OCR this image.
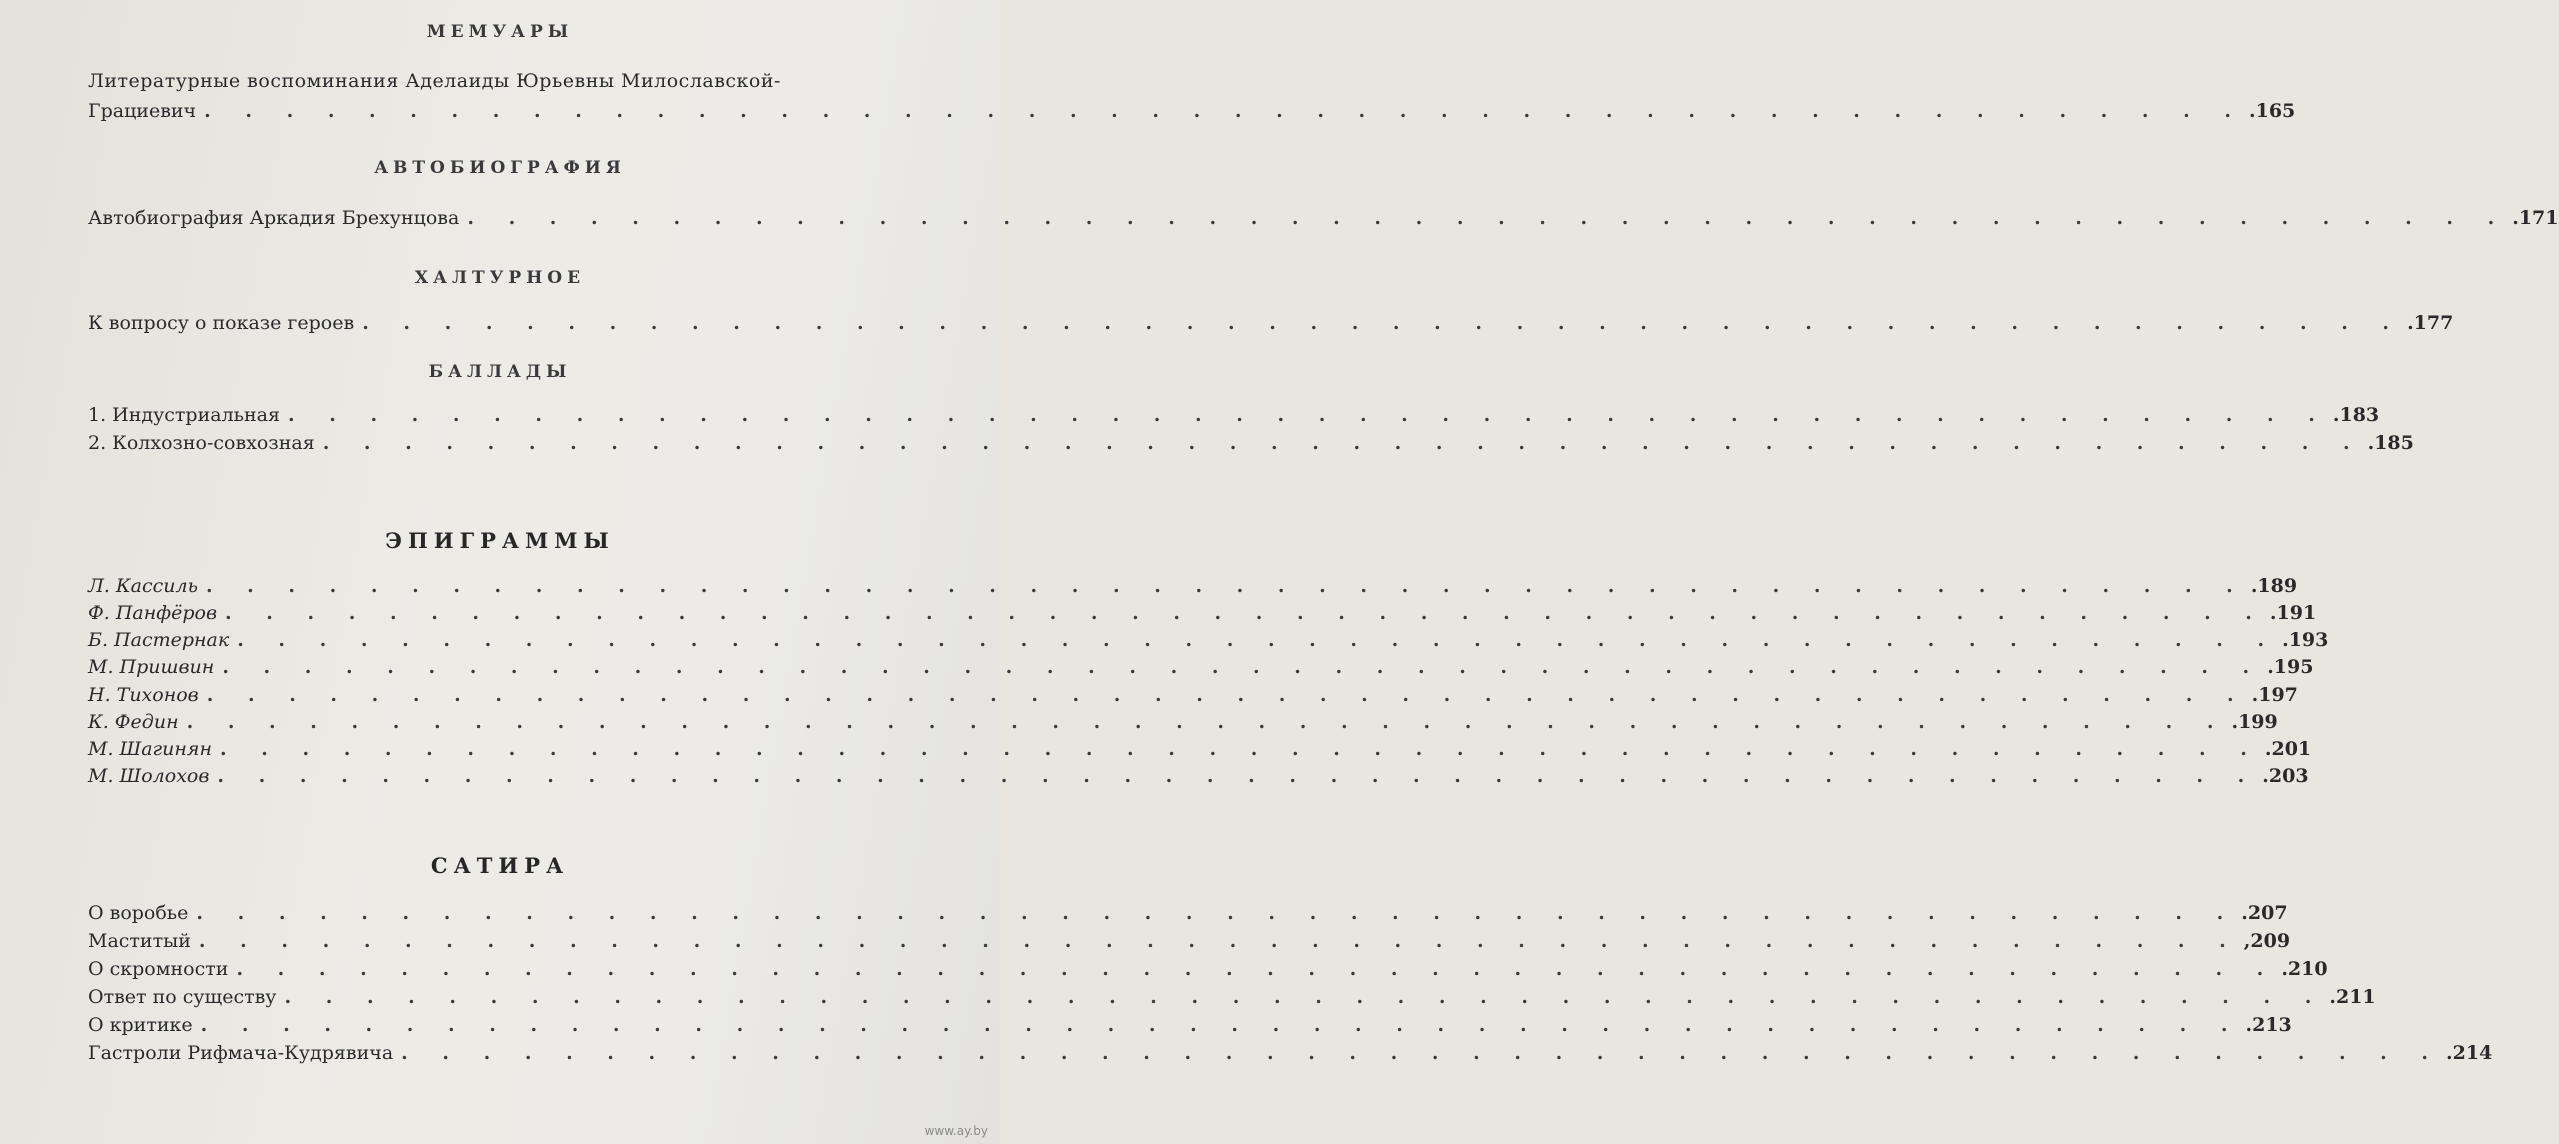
МЕМУАРЫ
Литературные воспоминания Аделаиды Юрьевны Милославской-
Грациевич . . . . . . . . . . . . . . . . . . . . . . . . . . . . . . . . . . . . . . . . . . . . . . . . . . .165
АВТОБИОГРАФИЯ
Автобиография Аркадия Брехунцова . . . . . . . . . . . . . . . . . . . . . . . . . . . . . . . . . . . . . . . . . . . . . . . . . . .171
ХАЛТУРНОЕ
К вопросу о показе героев . . . . . . . . . . . . . . . . . . . . . . . . . . . . . . . . . . . . . . . . . . . . . . . . . . .177
БАЛЛАДЫ
1. Индустриальная . . . . . . . . . . . . . . . . . . . . . . . . . . . . . . . . . . . . . . . . . . . . . . . . . . .183
2. Колхозно-совхозная . . . . . . . . . . . . . . . . . . . . . . . . . . . . . . . . . . . . . . . . . . . . . . . . . . .185
ЭПИГРАММЫ
Л. Кассиль . . . . . . . . . . . . . . . . . . . . . . . . . . . . . . . . . . . . . . . . . . . . . . . . . . .189
Ф. Панфёров . . . . . . . . . . . . . . . . . . . . . . . . . . . . . . . . . . . . . . . . . . . . . . . . . . .191
Б. Пастернак . . . . . . . . . . . . . . . . . . . . . . . . . . . . . . . . . . . . . . . . . . . . . . . . . . .193
М. Пришвин . . . . . . . . . . . . . . . . . . . . . . . . . . . . . . . . . . . . . . . . . . . . . . . . . . .195
Н. Тихонов . . . . . . . . . . . . . . . . . . . . . . . . . . . . . . . . . . . . . . . . . . . . . . . . . . .197
К. Федин . . . . . . . . . . . . . . . . . . . . . . . . . . . . . . . . . . . . . . . . . . . . . . . . . . .199
М. Шагинян . . . . . . . . . . . . . . . . . . . . . . . . . . . . . . . . . . . . . . . . . . . . . . . . . . .201
М. Шолохов . . . . . . . . . . . . . . . . . . . . . . . . . . . . . . . . . . . . . . . . . . . . . . . . . . .203
САТИРА
О воробье . . . . . . . . . . . . . . . . . . . . . . . . . . . . . . . . . . . . . . . . . . . . . . . . . . .207
Маститый . . . . . . . . . . . . . . . . . . . . . . . . . . . . . . . . . . . . . . . . . . . . . . . . . . ,209
О скромности . . . . . . . . . . . . . . . . . . . . . . . . . . . . . . . . . . . . . . . . . . . . . . . . . . .210
Ответ по существу . . . . . . . . . . . . . . . . . . . . . . . . . . . . . . . . . . . . . . . . . . . . . . . . . . .211
О критике . . . . . . . . . . . . . . . . . . . . . . . . . . . . . . . . . . . . . . . . . . . . . . . . . . .213
Гастроли Рифмача-Кудрявича . . . . . . . . . . . . . . . . . . . . . . . . . . . . . . . . . . . . . . . . . . . . . . . . . . .214
www.ay.by
